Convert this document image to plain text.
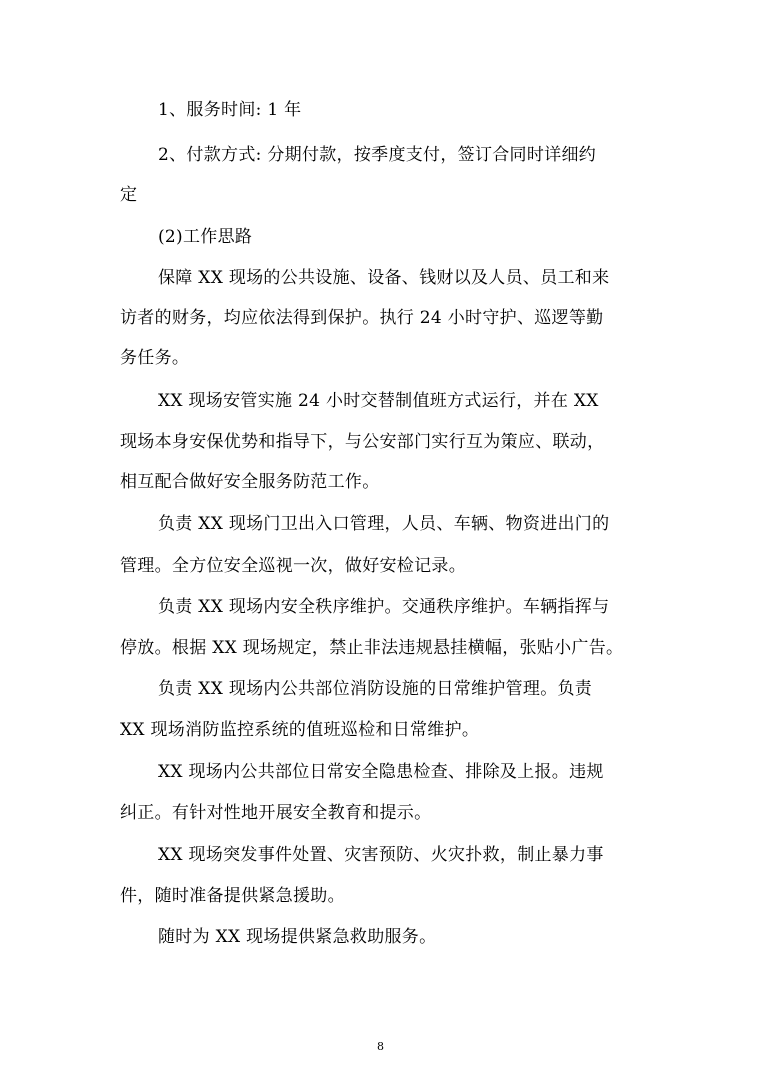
1、服务时间: 1 年
2、付款方式: 分期付款，按季度支付，签订合同时详细约
定
(2)工作思路
保障 XX 现场的公共设施、设备、钱财以及人员、员工和来
访者的财务，均应依法得到保护。执行 24 小时守护、巡逻等勤
务任务。
XX 现场安管实施 24 小时交替制值班方式运行，并在 XX
现场本身安保优势和指导下，与公安部门实行互为策应、联动，
相互配合做好安全服务防范工作。
负责 XX 现场门卫出入口管理，人员、车辆、物资进出门的
管理。全方位安全巡视一次，做好安检记录。
负责 XX 现场内安全秩序维护。交通秩序维护。车辆指挥与
停放。根据 XX 现场规定，禁止非法违规悬挂横幅，张贴小广告。
负责 XX 现场内公共部位消防设施的日常维护管理。负责
XX 现场消防监控系统的值班巡检和日常维护。
XX 现场内公共部位日常安全隐患检查、排除及上报。违规
纠正。有针对性地开展安全教育和提示。
XX 现场突发事件处置、灾害预防、火灾扑救，制止暴力事
件，随时准备提供紧急援助。
随时为 XX 现场提供紧急救助服务。
8
